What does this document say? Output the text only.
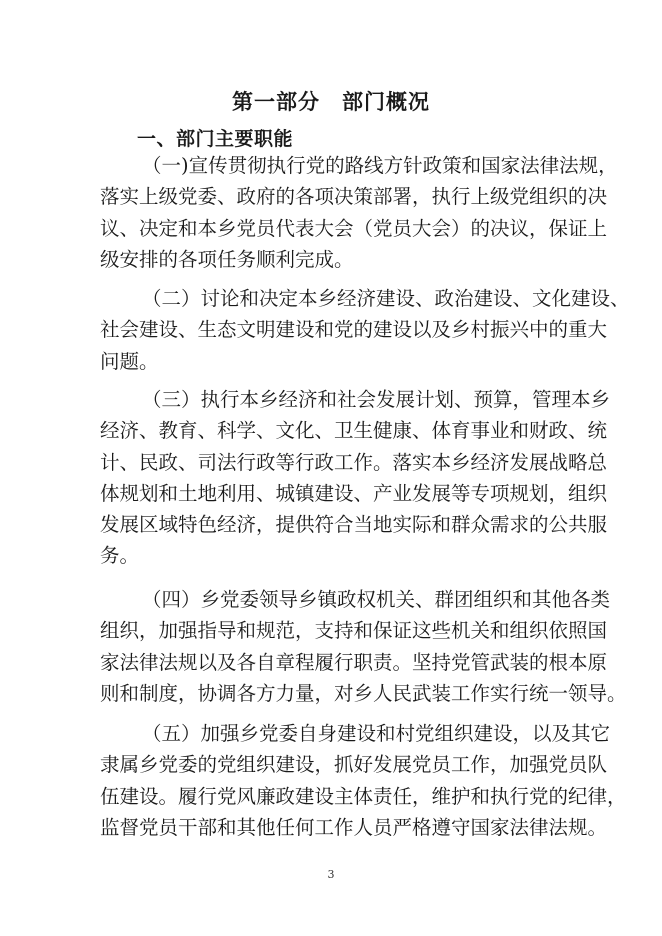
第一部分　部门概况
一、部门主要职能
（一)宣传贯彻执行党的路线方针政策和国家法律法规，
落实上级党委、政府的各项决策部署，执行上级党组织的决
议、决定和本乡党员代表大会（党员大会）的决议，保证上
级安排的各项任务顺利完成。
（二）讨论和决定本乡经济建设、政治建设、文化建设、
社会建设、生态文明建设和党的建设以及乡村振兴中的重大
问题。
（三）执行本乡经济和社会发展计划、预算，管理本乡
经济、教育、科学、文化、卫生健康、体育事业和财政、统
计、民政、司法行政等行政工作。落实本乡经济发展战略总
体规划和土地利用、城镇建设、产业发展等专项规划，组织
发展区域特色经济，提供符合当地实际和群众需求的公共服
务。
（四）乡党委领导乡镇政权机关、群团组织和其他各类
组织，加强指导和规范，支持和保证这些机关和组织依照国
家法律法规以及各自章程履行职责。坚持党管武装的根本原
则和制度，协调各方力量，对乡人民武装工作实行统一领导。
（五）加强乡党委自身建设和村党组织建设，以及其它
隶属乡党委的党组织建设，抓好发展党员工作，加强党员队
伍建设。履行党风廉政建设主体责任，维护和执行党的纪律，
监督党员干部和其他任何工作人员严格遵守国家法律法规。
3
